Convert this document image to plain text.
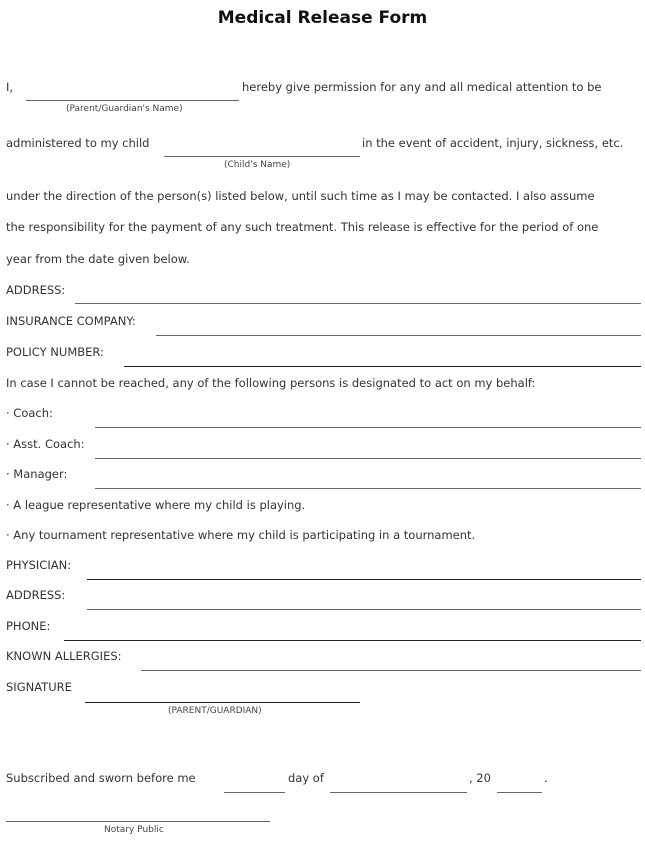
Medical Release Form
I,	hereby give permission for any and all medical attention to be
(Parent/Guardian's Name)
administered to my child	in the event of accident, injury, sickness, etc.
(Child's Name)
under the direction of the person(s) listed below, until such time as I may be contacted. I also assume
the responsibility for the payment of any such treatment. This release is effective for the period of one
year from the date given below.
ADDRESS:
INSURANCE COMPANY:
POLICY NUMBER:
In case I cannot be reached, any of the following persons is designated to act on my behalf:
· Coach:
· Asst. Coach:
· Manager:
· A league representative where my child is playing.
· Any tournament representative where my child is participating in a tournament.
PHYSICIAN:
ADDRESS:
PHONE:
KNOWN ALLERGIES:
SIGNATURE
(PARENT/GUARDIAN)
Subscribed and sworn before me	day of	, 20	.
Notary Public
